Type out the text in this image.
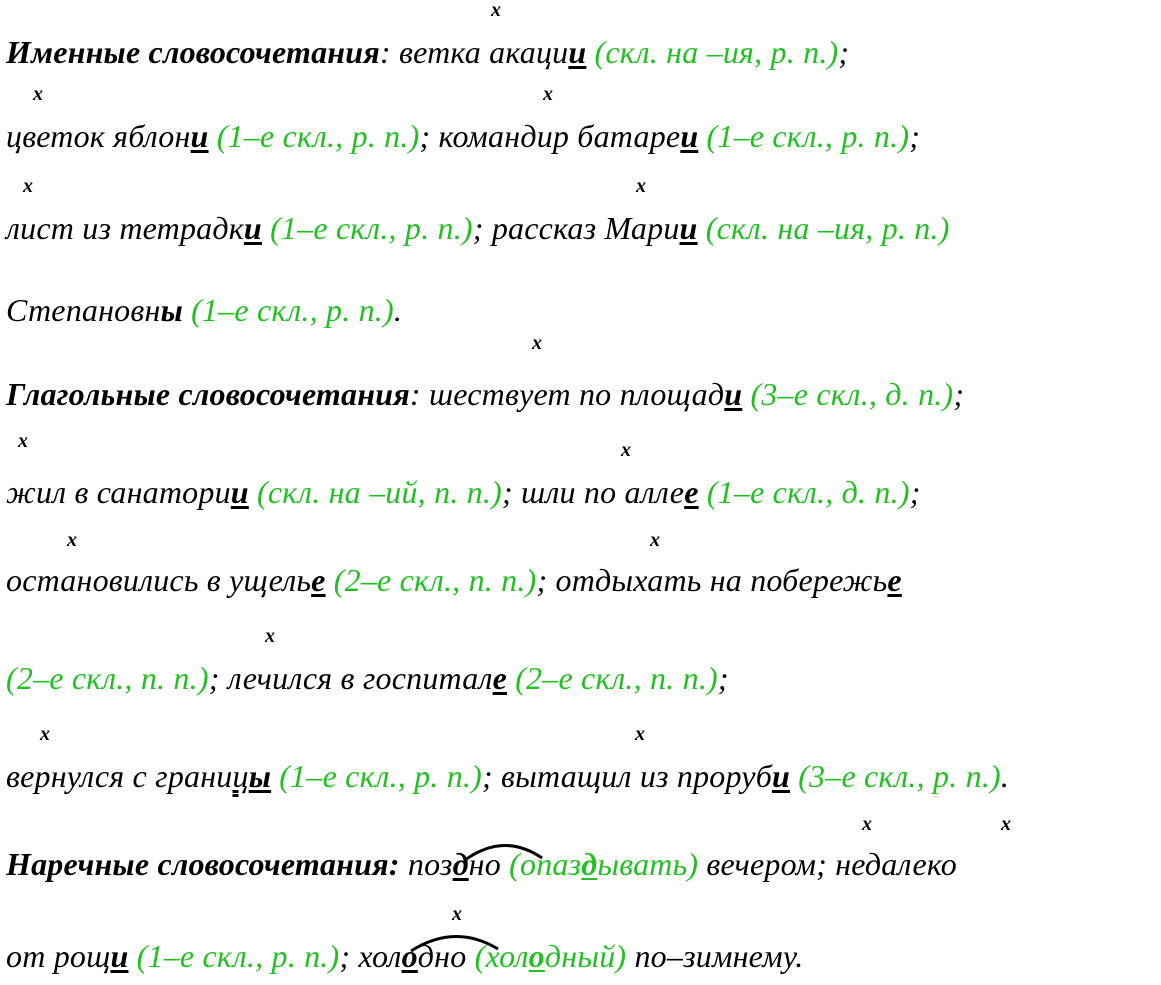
x
x	x
x	x
x
x	x
x	x
x
x	x
x	x
x
Именные словосочетания: ветка акации (скл. на –ия, р. п.);
цветок яблони (1–е скл., р. п.); командир батареи (1–е скл., р. п.);
лист из тетрадки (1–е скл., р. п.); рассказ Марии (скл. на –ия, р. п.)
Степановны (1–е скл., р. п.).
Глагольные словосочетания: шествует по площади (3–е скл., д. п.);
жил в санатории (скл. на –ий, п. п.); шли по аллее (1–е скл., д. п.);
остановились в ущелье (2–е скл., п. п.); отдыхать на побережье
(2–е скл., п. п.); лечился в госпитале (2–е скл., п. п.);
вернулся с границы (1–е скл., р. п.); вытащил из проруби (3–е скл., р. п.).
Наречные словосочетания: поздно (опаздывать) вечером; недалеко
от рощи (1–е скл., р. п.); холодно (холодный) по–зимнему.
